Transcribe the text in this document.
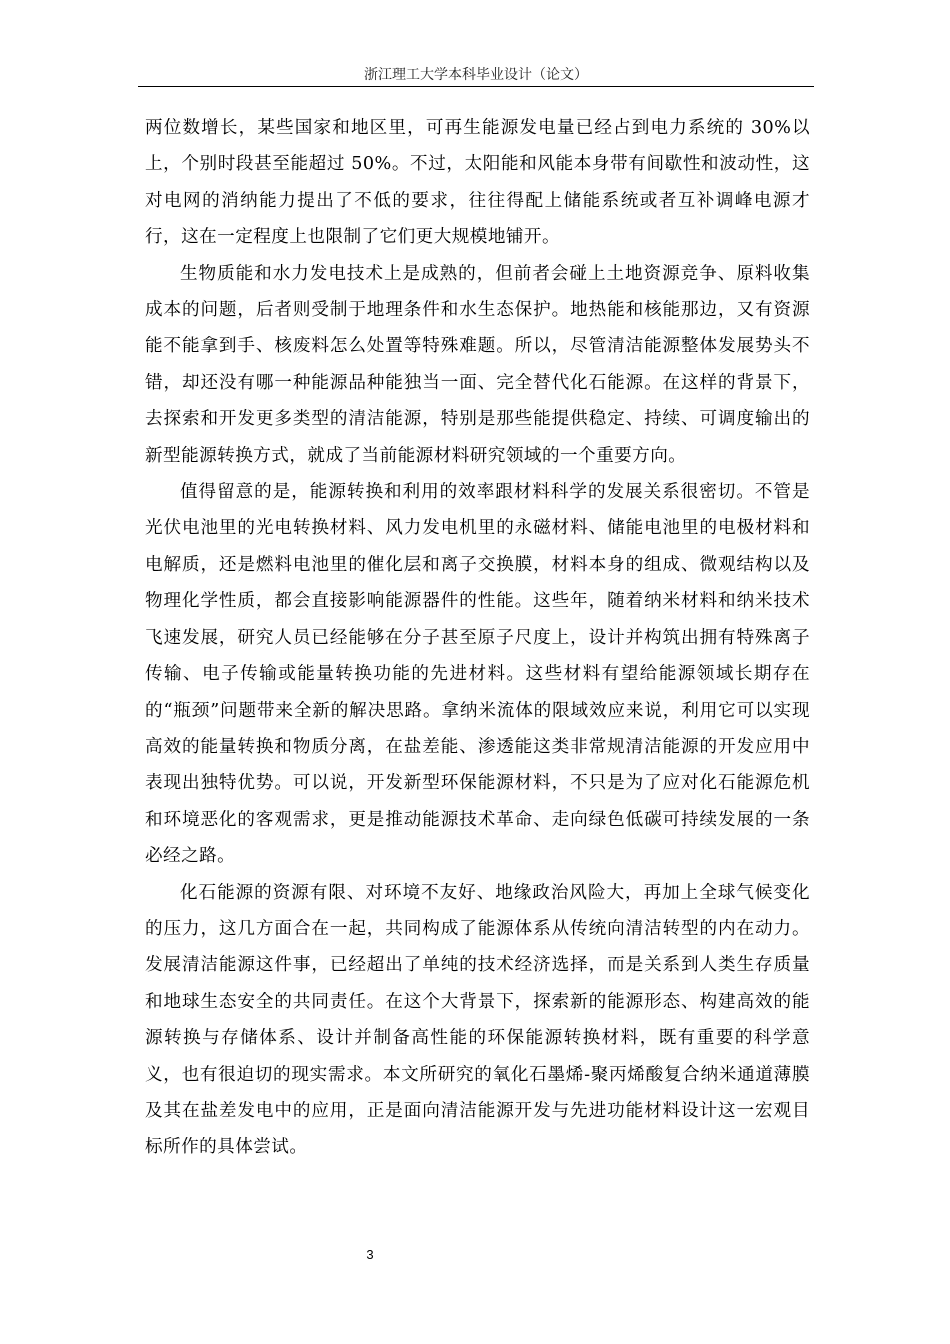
浙江理工大学本科毕业设计（论文）

两位数增长，某些国家和地区里，可再生能源发电量已经占到电力系统的 30%以上，个别时段甚至能超过 50%。不过，太阳能和风能本身带有间歇性和波动性，这对电网的消纳能力提出了不低的要求，往往得配上储能系统或者互补调峰电源才行，这在一定程度上也限制了它们更大规模地铺开。

生物质能和水力发电技术上是成熟的，但前者会碰上土地资源竞争、原料收集成本的问题，后者则受制于地理条件和水生态保护。地热能和核能那边，又有资源能不能拿到手、核废料怎么处置等特殊难题。所以，尽管清洁能源整体发展势头不错，却还没有哪一种能源品种能独当一面、完全替代化石能源。在这样的背景下，去探索和开发更多类型的清洁能源，特别是那些能提供稳定、持续、可调度输出的新型能源转换方式，就成了当前能源材料研究领域的一个重要方向。

值得留意的是，能源转换和利用的效率跟材料科学的发展关系很密切。不管是光伏电池里的光电转换材料、风力发电机里的永磁材料、储能电池里的电极材料和电解质，还是燃料电池里的催化层和离子交换膜，材料本身的组成、微观结构以及物理化学性质，都会直接影响能源器件的性能。这些年，随着纳米材料和纳米技术飞速发展，研究人员已经能够在分子甚至原子尺度上，设计并构筑出拥有特殊离子传输、电子传输或能量转换功能的先进材料。这些材料有望给能源领域长期存在的“瓶颈”问题带来全新的解决思路。拿纳米流体的限域效应来说，利用它可以实现高效的能量转换和物质分离，在盐差能、渗透能这类非常规清洁能源的开发应用中表现出独特优势。可以说，开发新型环保能源材料，不只是为了应对化石能源危机和环境恶化的客观需求，更是推动能源技术革命、走向绿色低碳可持续发展的一条必经之路。

化石能源的资源有限、对环境不友好、地缘政治风险大，再加上全球气候变化的压力，这几方面合在一起，共同构成了能源体系从传统向清洁转型的内在动力。发展清洁能源这件事，已经超出了单纯的技术经济选择，而是关系到人类生存质量和地球生态安全的共同责任。在这个大背景下，探索新的能源形态、构建高效的能源转换与存储体系、设计并制备高性能的环保能源转换材料，既有重要的科学意义，也有很迫切的现实需求。本文所研究的氧化石墨烯-聚丙烯酸复合纳米通道薄膜及其在盐差发电中的应用，正是面向清洁能源开发与先进功能材料设计这一宏观目标所作的具体尝试。

3
